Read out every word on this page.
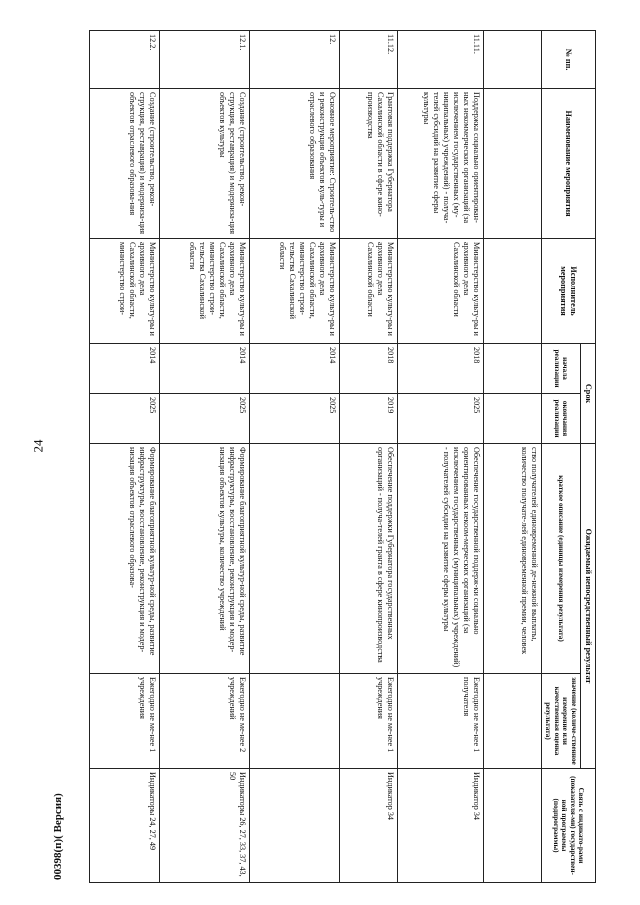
24
00398(п)( Версия)
№ пп.	Наименование мероприятия	Исполнитель мероприятия	Срок		Ожидаемый непосредственный результат		Связь с индикато-рами (показателя-ми) государствен-ной программы (подпрограммы)
			начала реализации	окончания реализации	краткое описание (единицы измерения результата)	значение (количе-ственное измерение или качественная оценка результата)	
					ство получателей единовременной де-нежной выплаты, количество получате-лей единовременной премии, человек		
11.11.	Поддержка социально ориентирован-ных некоммерческих организаций (за исключением государственных (му-ниципальных) учреждений) - получа-телей субсидий на развитие сферы культуры	Министерство культу-ры и архивного дела Сахалинской области	2018	2025	Обеспечение государственной поддерж-ки социально ориентированных некоом-мерческих организаций (за исключением государственных (муниципальных) учреждений) - получателей субсидии на развитие сферы культуры	Ежегодно не ме-нее 1 получателя	Индикатор 34
11.12.	Грантовая поддержка Губернатора Сахалинской области в сфере кино-производства	Министерство культу-ры и архивного дела Сахалинской области	2018	2019	Обеспечение поддержки Губернатора государственных организаций - получа-телей гранта в сфере кинопроизводства	Ежегодно не ме-нее 1 учреждения	Индикатор 34
12.	Основное мероприятие: Строитель-ство и реконструкция объектов куль-туры и отраслевого образования	Министерство культу-ры и архивного дела Сахалинской области, министерство строи-тельства Сахалинской области	2014	2025			
12.1.	Создание (строительство, рекон-струкция, реставрация) и модерниза-ция объектов культуры	Министерство культу-ры и архивного дела Сахалинской области, министерство строи-тельства Сахалинской области	2014	2025	Формирование благоприятной культур-ной среды, развитие инфраструктуры, восстановление, реконструкция и модер-низация объектов культуры, количество учреждений	Ежегодно не ме-нее 2 учреждений	Индикаторы 26, 27, 33, 37, 43, 50
12.2.	Создание (строительство, рекон-струкция, реставрация) и модерниза-ция объектов отраслевого образова-ния	Министерство культу-ры и архивного дела Сахалинской области, министерство строи-	2014	2025	Формирование благоприятной культур-ной среды, развитие инфраструктуры, восстановление, реконструкция и модер-низация объектов отраслевого образова-	Ежегодно не ме-нее 1 учреждения	Индикаторы 24, 27, 49
